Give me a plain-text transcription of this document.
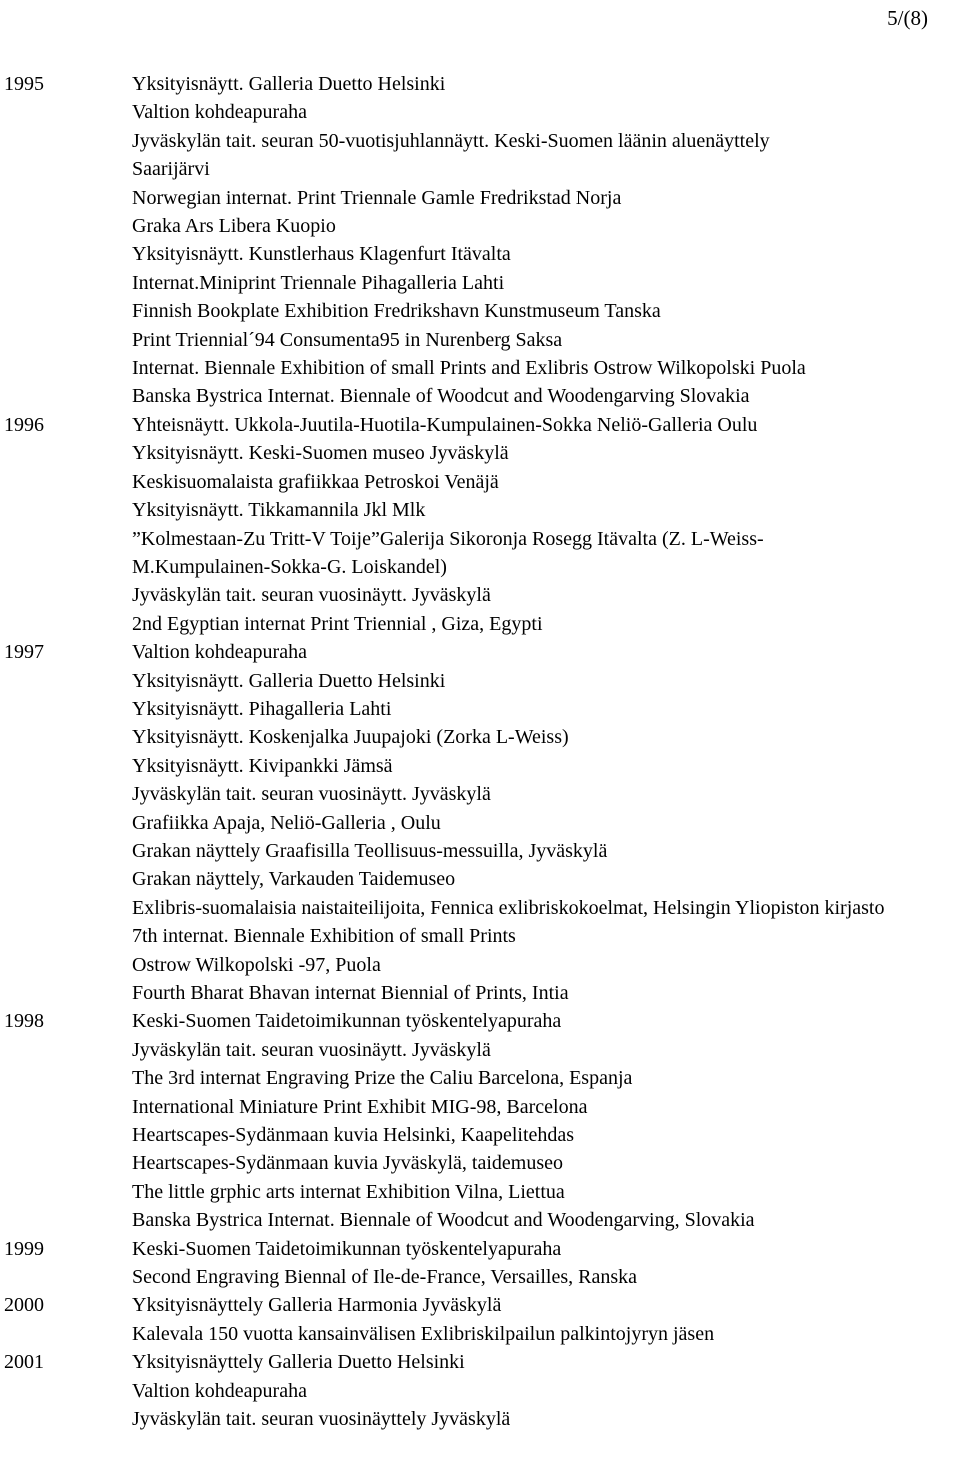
5/(8)
1995	Yksityisnäytt. Galleria Duetto Helsinki
Valtion kohdeapuraha
Jyväskylän tait. seuran 50-vuotisjuhlannäytt. Keski-Suomen läänin aluenäyttely
Saarijärvi
Norwegian internat. Print Triennale Gamle Fredrikstad Norja
Graka Ars Libera Kuopio
Yksityisnäytt. Kunstlerhaus Klagenfurt Itävalta
Internat.Miniprint Triennale Pihagalleria Lahti
Finnish Bookplate Exhibition Fredrikshavn Kunstmuseum Tanska
Print Triennial´94 Consumenta95 in Nurenberg Saksa
Internat. Biennale Exhibition of small Prints and Exlibris Ostrow Wilkopolski Puola
Banska Bystrica Internat. Biennale of Woodcut and Woodengarving Slovakia
1996	Yhteisnäytt. Ukkola-Juutila-Huotila-Kumpulainen-Sokka Neliö-Galleria Oulu
Yksityisnäytt. Keski-Suomen museo Jyväskylä
Keskisuomalaista grafiikkaa Petroskoi Venäjä
Yksityisnäytt. Tikkamannila Jkl Mlk
”Kolmestaan-Zu Tritt-V Toije”Galerija Sikoronja Rosegg Itävalta (Z. L-Weiss-
M.Kumpulainen-Sokka-G. Loiskandel)
Jyväskylän tait. seuran vuosinäytt. Jyväskylä
2nd Egyptian internat Print Triennial , Giza, Egypti
1997	Valtion kohdeapuraha
Yksityisnäytt. Galleria Duetto Helsinki
Yksityisnäytt. Pihagalleria Lahti
Yksityisnäytt. Koskenjalka Juupajoki (Zorka L-Weiss)
Yksityisnäytt. Kivipankki Jämsä
Jyväskylän tait. seuran vuosinäytt. Jyväskylä
Grafiikka Apaja, Neliö-Galleria , Oulu
Grakan näyttely Graafisilla Teollisuus-messuilla, Jyväskylä
Grakan näyttely, Varkauden Taidemuseo
Exlibris-suomalaisia naistaiteilijoita, Fennica exlibriskokoelmat, Helsingin Yliopiston kirjasto
7th internat. Biennale Exhibition of small Prints
Ostrow Wilkopolski -97, Puola
Fourth Bharat Bhavan internat Biennial of Prints, Intia
1998	Keski-Suomen Taidetoimikunnan työskentelyapuraha
Jyväskylän tait. seuran vuosinäytt. Jyväskylä
The 3rd internat Engraving Prize the Caliu Barcelona, Espanja
International Miniature Print Exhibit MIG-98, Barcelona
Heartscapes-Sydänmaan kuvia Helsinki, Kaapelitehdas
Heartscapes-Sydänmaan kuvia Jyväskylä, taidemuseo
The little grphic arts internat Exhibition Vilna, Liettua
Banska Bystrica Internat. Biennale of Woodcut and Woodengarving, Slovakia
1999	Keski-Suomen Taidetoimikunnan työskentelyapuraha
Second Engraving Biennal of Ile-de-France, Versailles, Ranska
2000	Yksityisnäyttely Galleria Harmonia Jyväskylä
Kalevala 150 vuotta kansainvälisen Exlibriskilpailun palkintojyryn jäsen
2001	Yksityisnäyttely Galleria Duetto Helsinki
Valtion kohdeapuraha
Jyväskylän tait. seuran vuosinäyttely Jyväskylä
